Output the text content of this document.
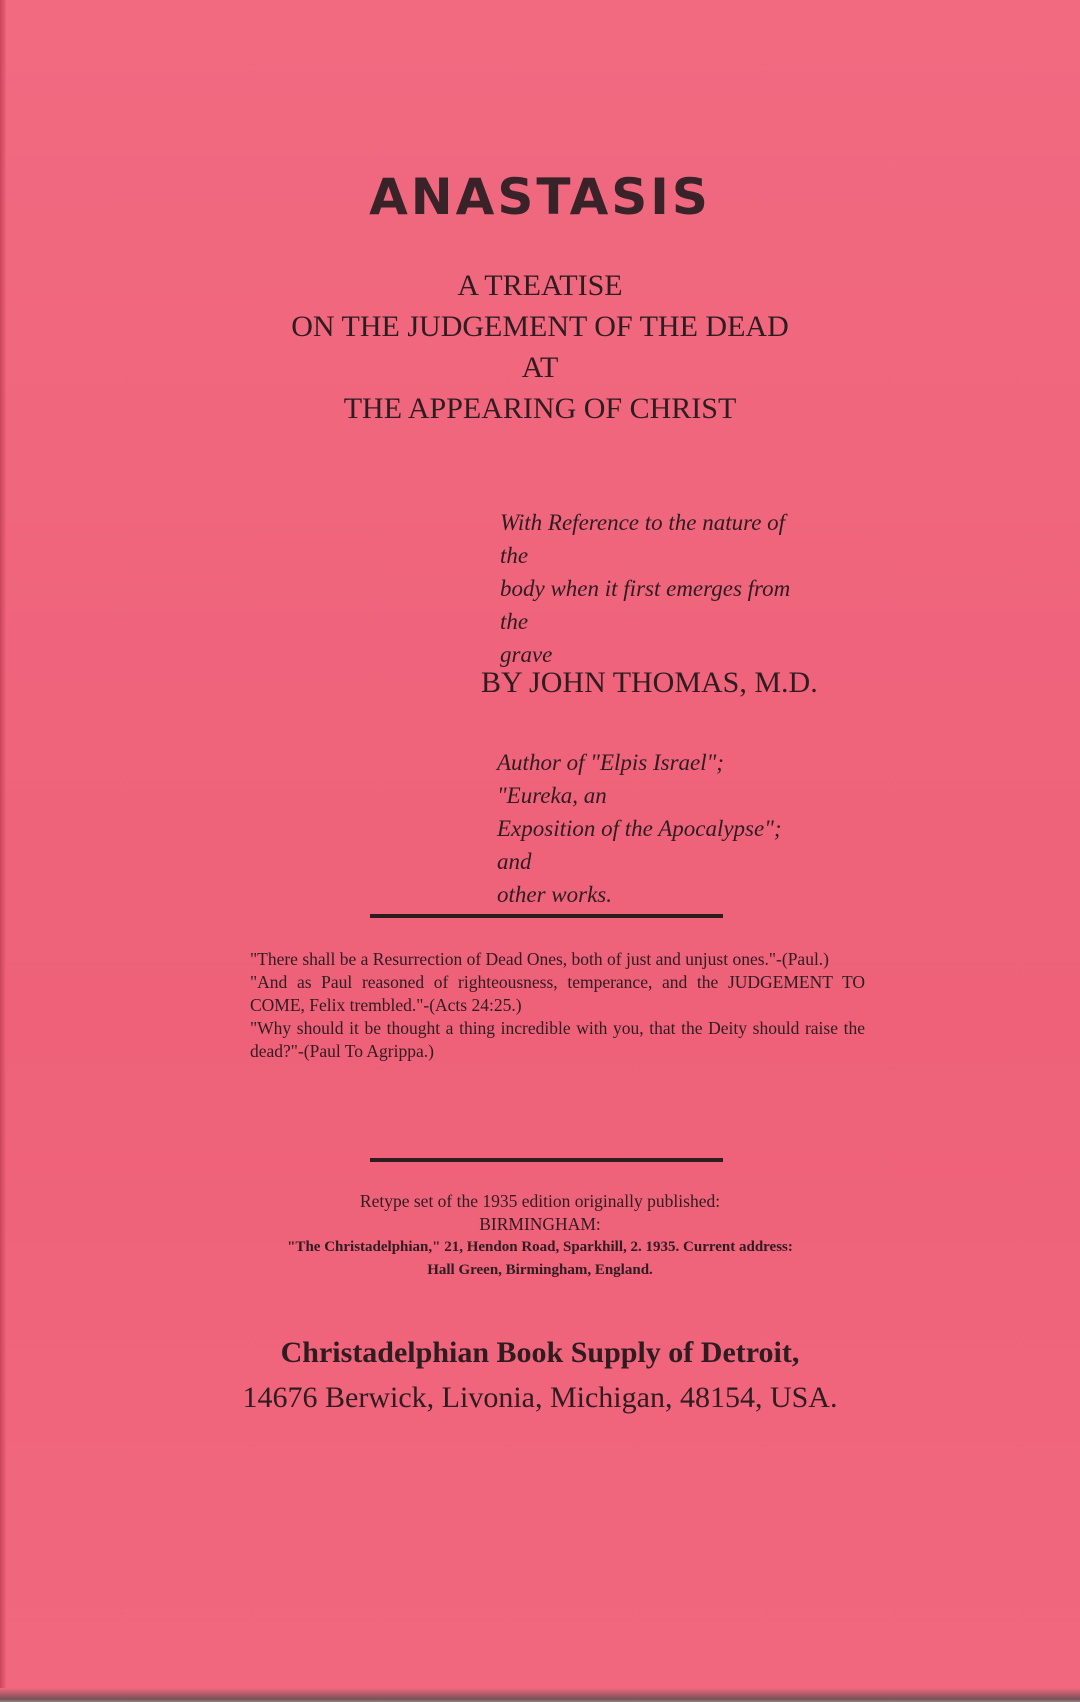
ANASTASIS
A TREATISE
ON THE JUDGEMENT OF THE DEAD
AT
THE APPEARING OF CHRIST
With Reference to the nature of the
body when it first emerges from the
grave
BY JOHN THOMAS, M.D.
Author of "Elpis Israel"; "Eureka, an
Exposition of the Apocalypse"; and
other works.

"There shall be a Resurrection of Dead Ones, both of just and unjust ones."-(Paul.)

"And as Paul reasoned of righteousness, temperance, and the JUDGEMENT TO COME, Felix trembled."-(Acts 24:25.)

"Why should it be thought a thing incredible with you, that the Deity should raise the dead?"-(Paul To Agrippa.)

Retype set of the 1935 edition originally published:

BIRMINGHAM:

"The Christadelphian," 21, Hendon Road, Sparkhill, 2. 1935. Current address:

Hall Green, Birmingham, England.

Christadelphian Book Supply of Detroit,
14676 Berwick, Livonia, Michigan, 48154, USA.
